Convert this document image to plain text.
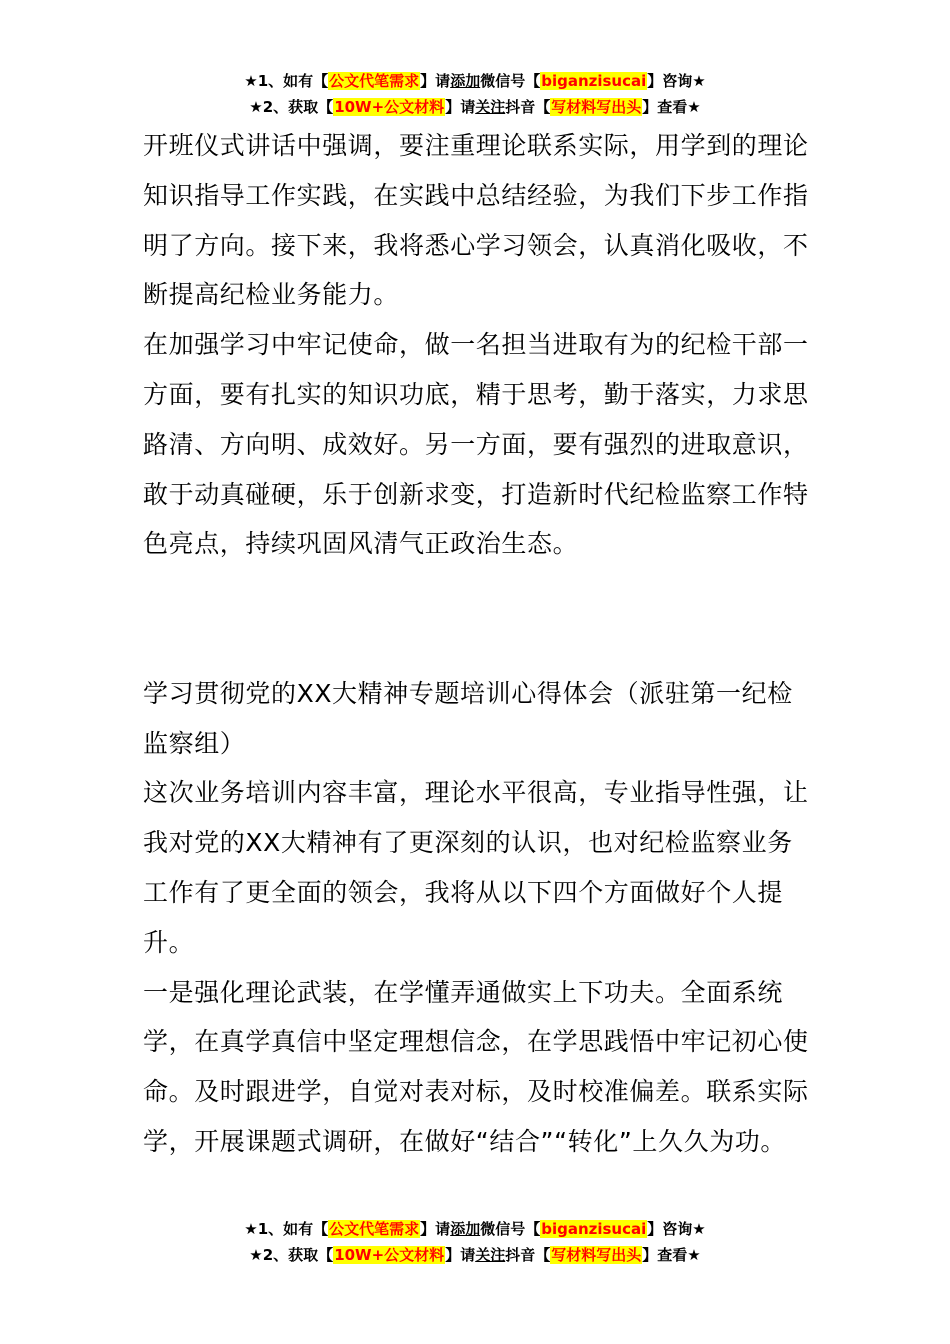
★1、如有【公文代笔需求】请添加微信号【biganzisucai】咨询★
★2、获取【10W+公文材料】请关注抖音【写材料写出头】查看★

开班仪式讲话中强调，要注重理论联系实际，用学到的理论知识指导工作实践，在实践中总结经验，为我们下步工作指明了方向。接下来，我将悉心学习领会，认真消化吸收，不断提高纪检业务能力。

在加强学习中牢记使命，做一名担当进取有为的纪检干部一方面，要有扎实的知识功底，精于思考，勤于落实，力求思路清、方向明、成效好。另一方面，要有强烈的进取意识，敢于动真碰硬，乐于创新求变，打造新时代纪检监察工作特色亮点，持续巩固风清气正政治生态。

学习贯彻党的XX大精神专题培训心得体会（派驻第一纪检监察组）

这次业务培训内容丰富，理论水平很高，专业指导性强，让我对党的XX大精神有了更深刻的认识，也对纪检监察业务工作有了更全面的领会，我将从以下四个方面做好个人提升。

一是强化理论武装，在学懂弄通做实上下功夫。全面系统学，在真学真信中坚定理想信念，在学思践悟中牢记初心使命。及时跟进学，自觉对表对标，及时校准偏差。联系实际学，开展课题式调研，在做好“结合”“转化”上久久为功。

★1、如有【公文代笔需求】请添加微信号【biganzisucai】咨询★
★2、获取【10W+公文材料】请关注抖音【写材料写出头】查看★
